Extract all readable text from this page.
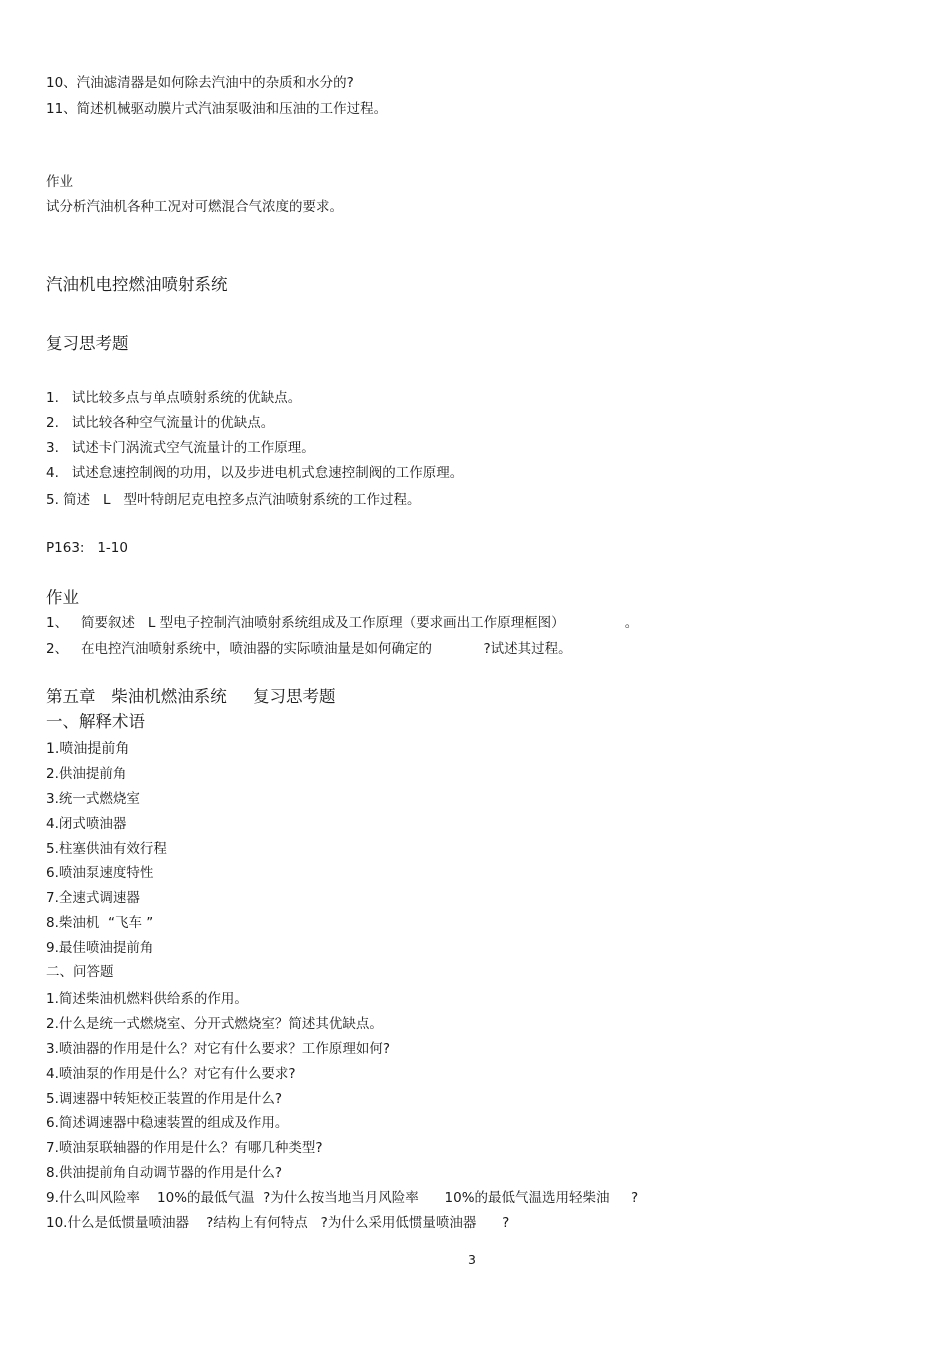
10、汽油滤清器是如何除去汽油中的杂质和水分的?
11、简述机械驱动膜片式汽油泵吸油和压油的工作过程。
作业
试分析汽油机各种工况对可燃混合气浓度的要求。
汽油机电控燃油喷射系统
复习思考题
1.   试比较多点与单点喷射系统的优缺点。
2.   试比较各种空气流量计的优缺点。
3.   试述卡门涡流式空气流量计的工作原理。
4.   试述怠速控制阀的功用，以及步进电机式怠速控制阀的工作原理。
5. 简述   L   型叶特朗尼克电控多点汽油喷射系统的工作过程。
P163:   1-10
作业
1、   简要叙述   L 型电子控制汽油喷射系统组成及工作原理（要求画出工作原理框图）              。
2、   在电控汽油喷射系统中，喷油器的实际喷油量是如何确定的            ?试述其过程。
第五章   柴油机燃油系统     复习思考题
一、解释术语
1.喷油提前角
2.供油提前角
3.统一式燃烧室
4.闭式喷油器
5.柱塞供油有效行程
6.喷油泵速度特性
7.全速式调速器
8.柴油机  “飞车 ”
9.最佳喷油提前角
二、问答题
1.简述柴油机燃料供给系的作用。
2.什么是统一式燃烧室、分开式燃烧室？简述其优缺点。
3.喷油器的作用是什么？对它有什么要求？工作原理如何?
4.喷油泵的作用是什么？对它有什么要求?
5.调速器中转矩校正装置的作用是什么?
6.简述调速器中稳速装置的组成及作用。
7.喷油泵联轴器的作用是什么？有哪几种类型?
8.供油提前角自动调节器的作用是什么?
9.什么叫风险率    10%的最低气温  ?为什么按当地当月风险率      10%的最低气温选用轻柴油     ?
10.什么是低惯量喷油器    ?结构上有何特点   ?为什么采用低惯量喷油器      ?
3
